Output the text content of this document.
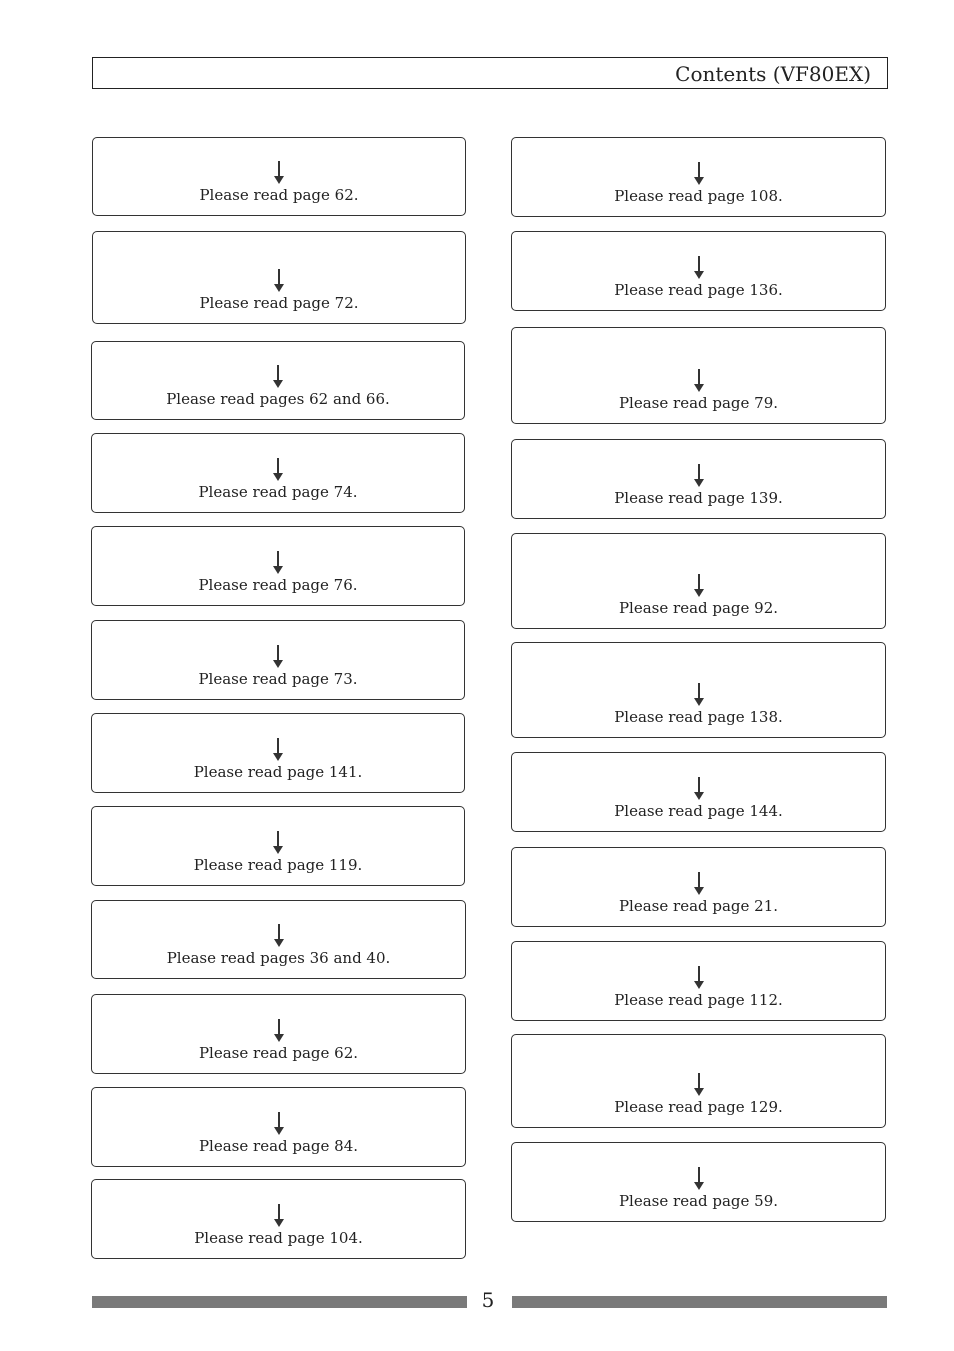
Contents (VF80EX)
Please read page 62.
Please read page 72.
Please read pages 62 and 66.
Please read page 74.
Please read page 76.
Please read page 73.
Please read page 141.
Please read page 119.
Please read pages 36 and 40.
Please read page 62.
Please read page 84.
Please read page 104.
Please read page 108.
Please read page 136.
Please read page 79.
Please read page 139.
Please read page 92.
Please read page 138.
Please read page 144.
Please read page 21.
Please read page 112.
Please read page 129.
Please read page 59.
5
